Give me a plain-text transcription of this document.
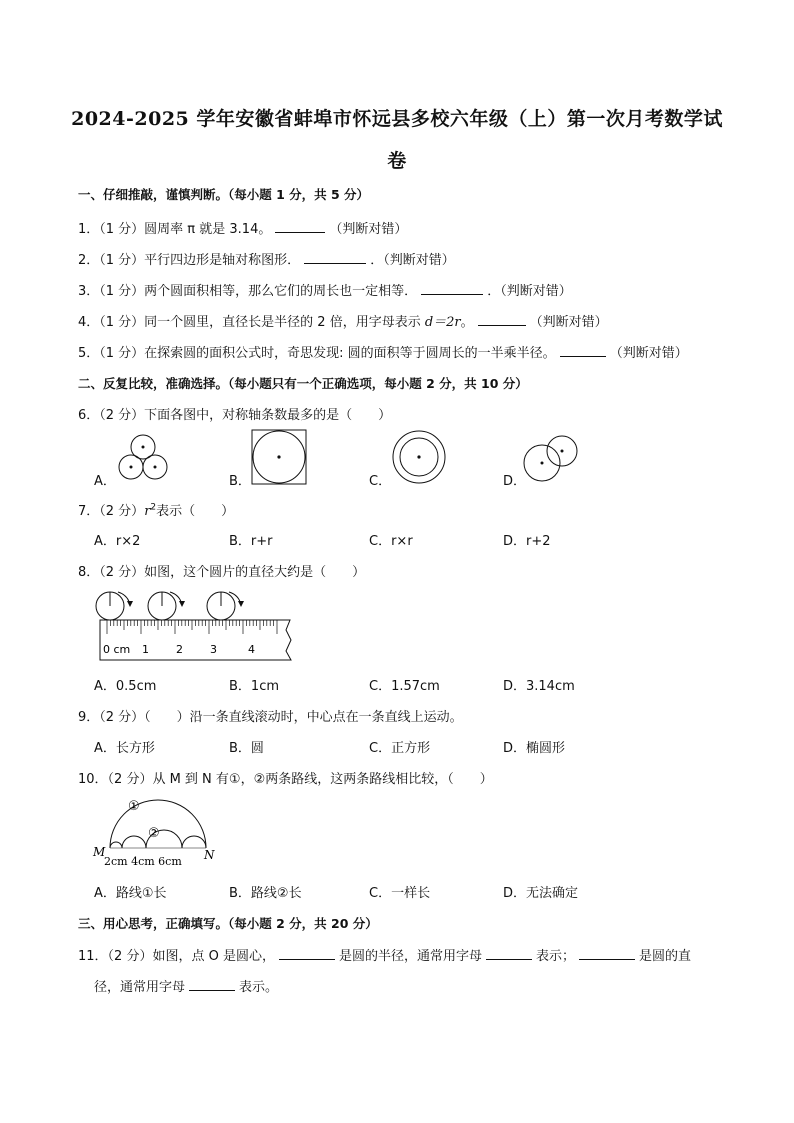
2024-2025 学年安徽省蚌埠市怀远县多校六年级（上）第一次月考数学试
卷
一、仔细推敲，谨慎判断。（每小题 1 分，共 5 分）
1．（1 分）圆周率 π 就是 3.14。	（判断对错）
2．（1 分）平行四边形是轴对称图形．	．（判断对错）
3．（1 分）两个圆面积相等，那么它们的周长也一定相等．	．（判断对错）
4．（1 分）同一个圆里，直径长是半径的 2 倍，用字母表示 d＝2r。	（判断对错）
5．（1 分）在探索圆的面积公式时，奇思发现: 圆的面积等于圆周长的一半乘半径。	（判断对错）
二、反复比较，准确选择。（每小题只有一个正确选项，每小题 2 分，共 10 分）
6．（2 分）下面各图中，对称轴条数最多的是（　　）
A．	B．	C．	D．
7．（2 分）$r^2$表示（　　）
A．r×2	B．r+r	C．r×r	D．r+2
8．（2 分）如图，这个圆片的直径大约是（　　）
0 cm 1 2 3	4
A．0.5cm	B．1cm	C．1.57cm	D．3.14cm
9．（2 分）（　　）沿一条直线滚动时，中心点在一条直线上运动。
A．长方形	B．圆	C．正方形	D．椭圆形
10．（2 分）从 M 到 N 有①，②两条路线，这两条路线相比较，（　　）
①
②
M	N
2cm 4cm 6cm
A．路线①长	B．路线②长	C．一样长	D．无法确定
三、用心思考，正确填写。（每小题 2 分，共 20 分）
11．（2 分）如图，点 O 是圆心，	是圆的半径，通常用字母	表示；	是圆的直
径，通常用字母	表示。
